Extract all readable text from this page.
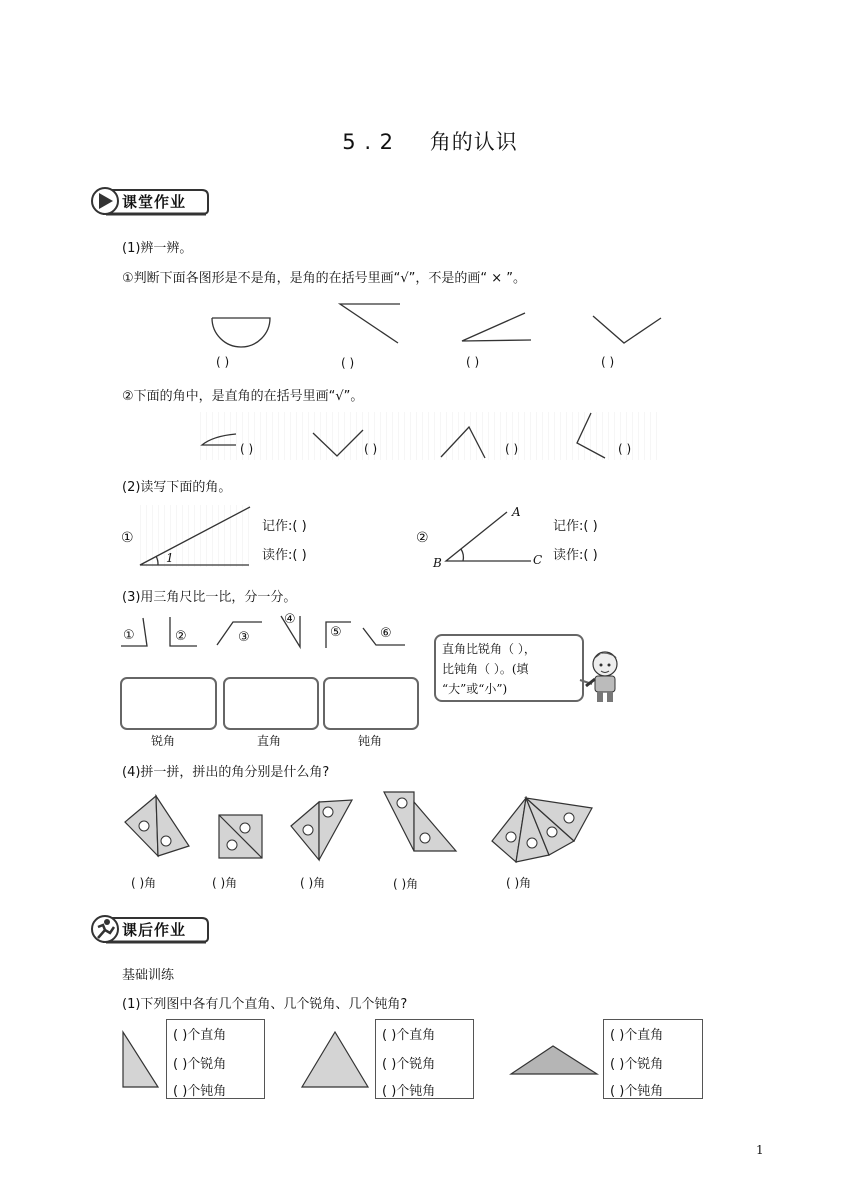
5 . 2 角的认识
课堂作业
(1)辨一辨。
①判断下面各图形是不是角，是角的在括号里画“√”，不是的画“ × ”。
( )	( )	( )	( )
②下面的角中，是直角的在括号里画“√”。
( )	( )	( )	( )
(2)读写下面的角。
①
1
记作:( )
读作:( )
②
A
B	C
记作:( )
读作:( )
(3)用三角尺比一比，分一分。
①	②	③
④
⑤	⑥
锐角	直角	钝角
直角比锐角（ ），
比钝角（ ）。(填
“大”或“小”)
(4)拼一拼，拼出的角分别是什么角?
( )角	( )角	( )角	( )角	( )角
课后作业
基础训练
(1)下列图中各有几个直角、几个锐角、几个钝角?
( )个直角
( )个锐角
( )个钝角
( )个直角
( )个锐角
( )个钝角
( )个直角
( )个锐角
( )个钝角
1
